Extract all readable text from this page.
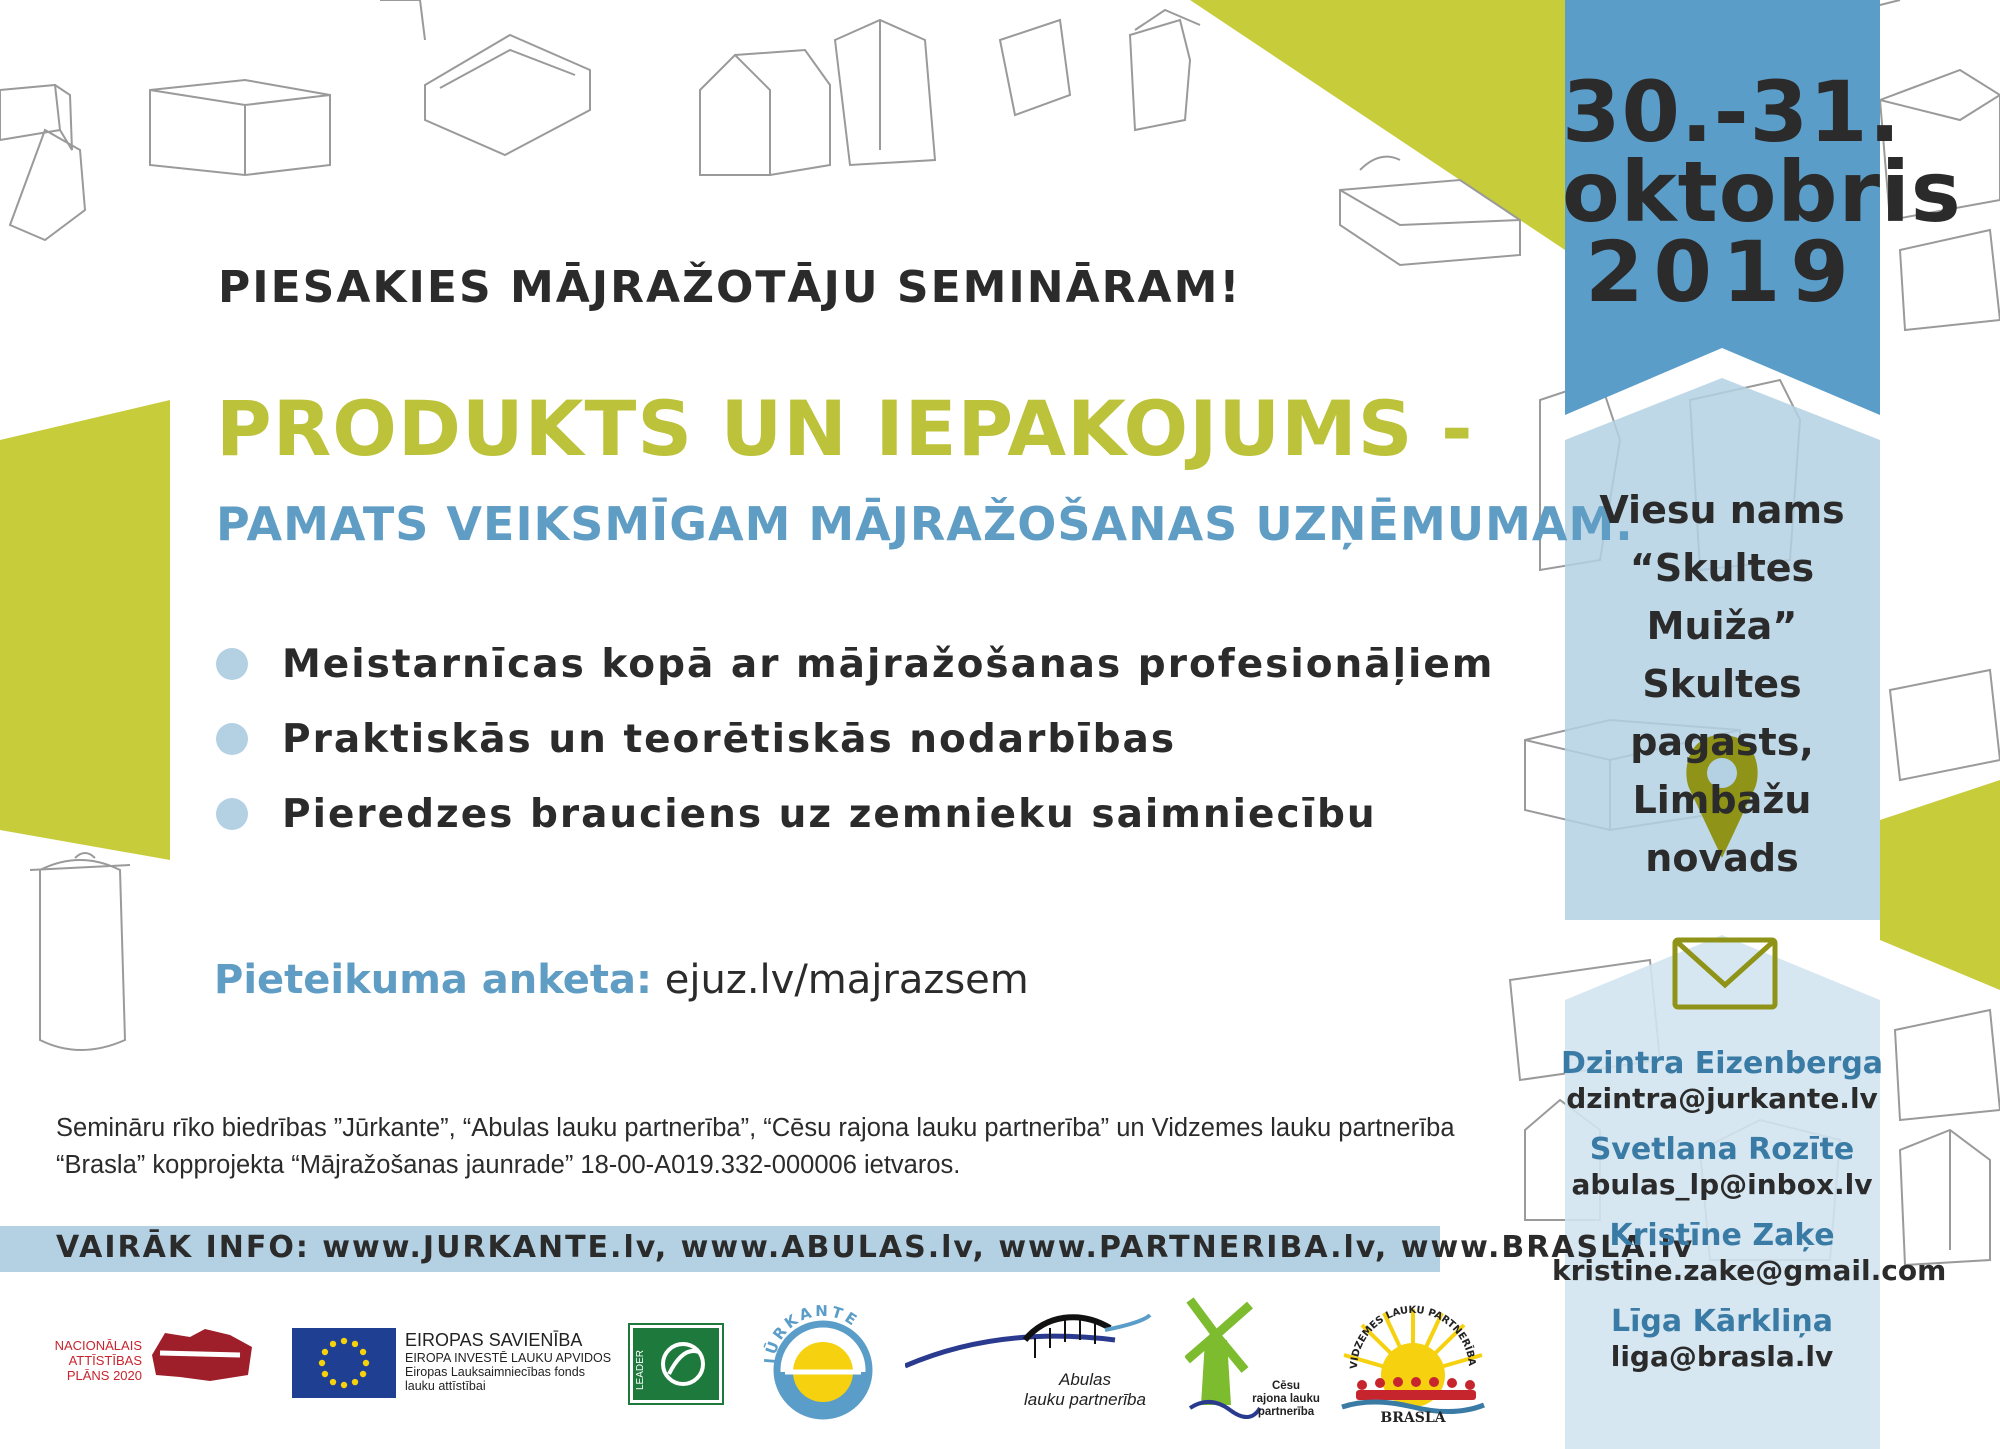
PIESAKIES MĀJRAŽOTĀJU SEMINĀRAM!
PRODUKTS UN IEPAKOJUMS -
PAMATS VEIKSMĪGAM MĀJRAŽOŠANAS UZŅĒMUMAM.
Meistarnīcas kopā ar mājražošanas profesionāļiem
Praktiskās un teorētiskās nodarbības
Pieredzes brauciens uz zemnieku saimniecību
Pieteikuma anketa: ejuz.lv/majrazsem
Semināru rīko biedrības ”Jūrkante”, “Abulas lauku partnerība”, “Cēsu rajona lauku partnerība” un Vidzemes lauku partnerība “Brasla” kopprojekta “Mājražošanas jaunrade” 18-00-A019.332-000006 ietvaros.
VAIRĀK INFO: www.JURKANTE.lv, www.ABULAS.lv, www.PARTNERIBA.lv, www.BRASLA.lv
30.-31.
oktobris
2019
Viesu nams
“Skultes Muiža”
Skultes pagasts,
Limbažu novads
Dzintra Eizenberga
dzintra@jurkante.lv
Svetlana Rozīte
abulas_lp@inbox.lv
Kristīne Zaķe
kristine.zake@gmail.com
Līga Kārkliņa
liga@brasla.lv
NACIONĀLAIS
ATTĪSTĪBAS
PLĀNS 2020
EIROPAS SAVIENĪBA
EIROPA INVESTĒ LAUKU APVIDOS
Eiropas Lauksaimniecības fonds
lauku attīstībai	LEADER	JŪRKANTE
Abulas
lauku partnerība
Cēsu
rajona lauku
partnerība
VIDZEMES LAUKU PARTNERĪBA
BRASLA
